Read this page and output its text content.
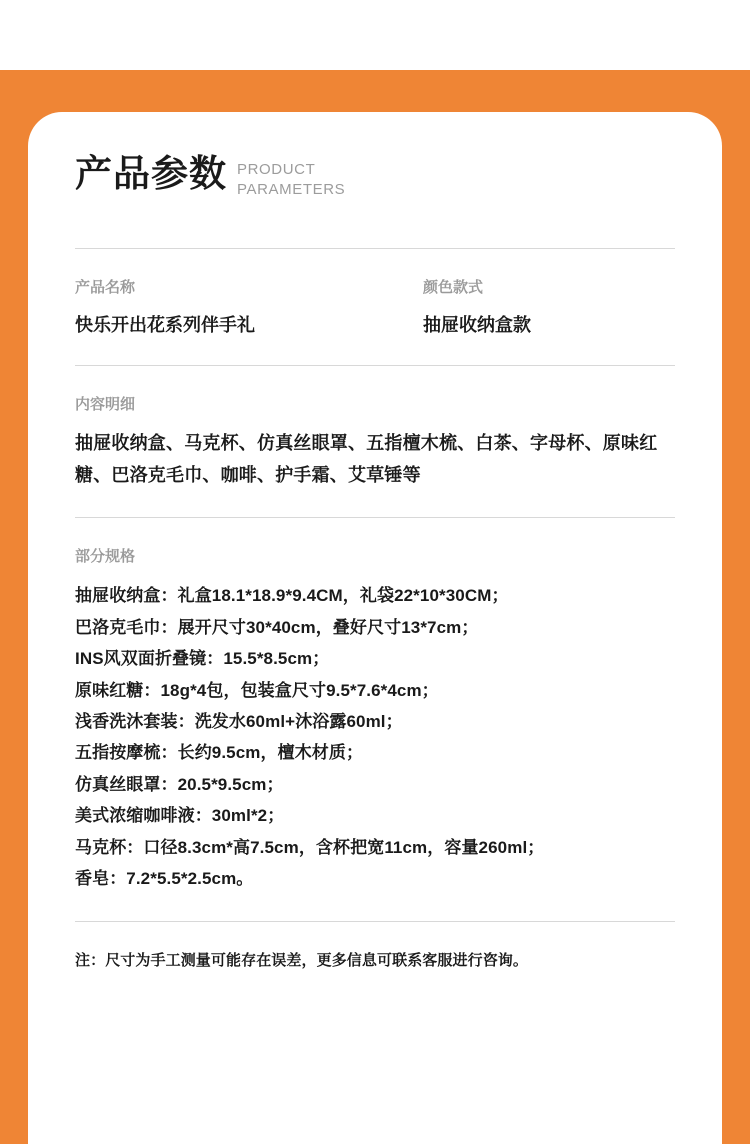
产品参数 PRODUCT
PARAMETERS
产品名称
快乐开出花系列伴手礼
颜色款式
抽屉收纳盒款
内容明细
抽屉收纳盒、马克杯、仿真丝眼罩、五指檀木梳、白茶、字母杯、原味红糖、巴洛克毛巾、咖啡、护手霜、艾草锤等
部分规格
抽屉收纳盒：礼盒18.1*18.9*9.4CM，礼袋22*10*30CM；
巴洛克毛巾：展开尺寸30*40cm，叠好尺寸13*7cm；
INS风双面折叠镜：15.5*8.5cm；
原味红糖：18g*4包，包装盒尺寸9.5*7.6*4cm；
浅香洗沐套装：洗发水60ml+沐浴露60ml；
五指按摩梳：长约9.5cm，檀木材质；
仿真丝眼罩：20.5*9.5cm；
美式浓缩咖啡液：30ml*2；
马克杯：口径8.3cm*高7.5cm，含杯把宽11cm，容量260ml；
香皂：7.2*5.5*2.5cm。
注：尺寸为手工测量可能存在误差，更多信息可联系客服进行咨询。
